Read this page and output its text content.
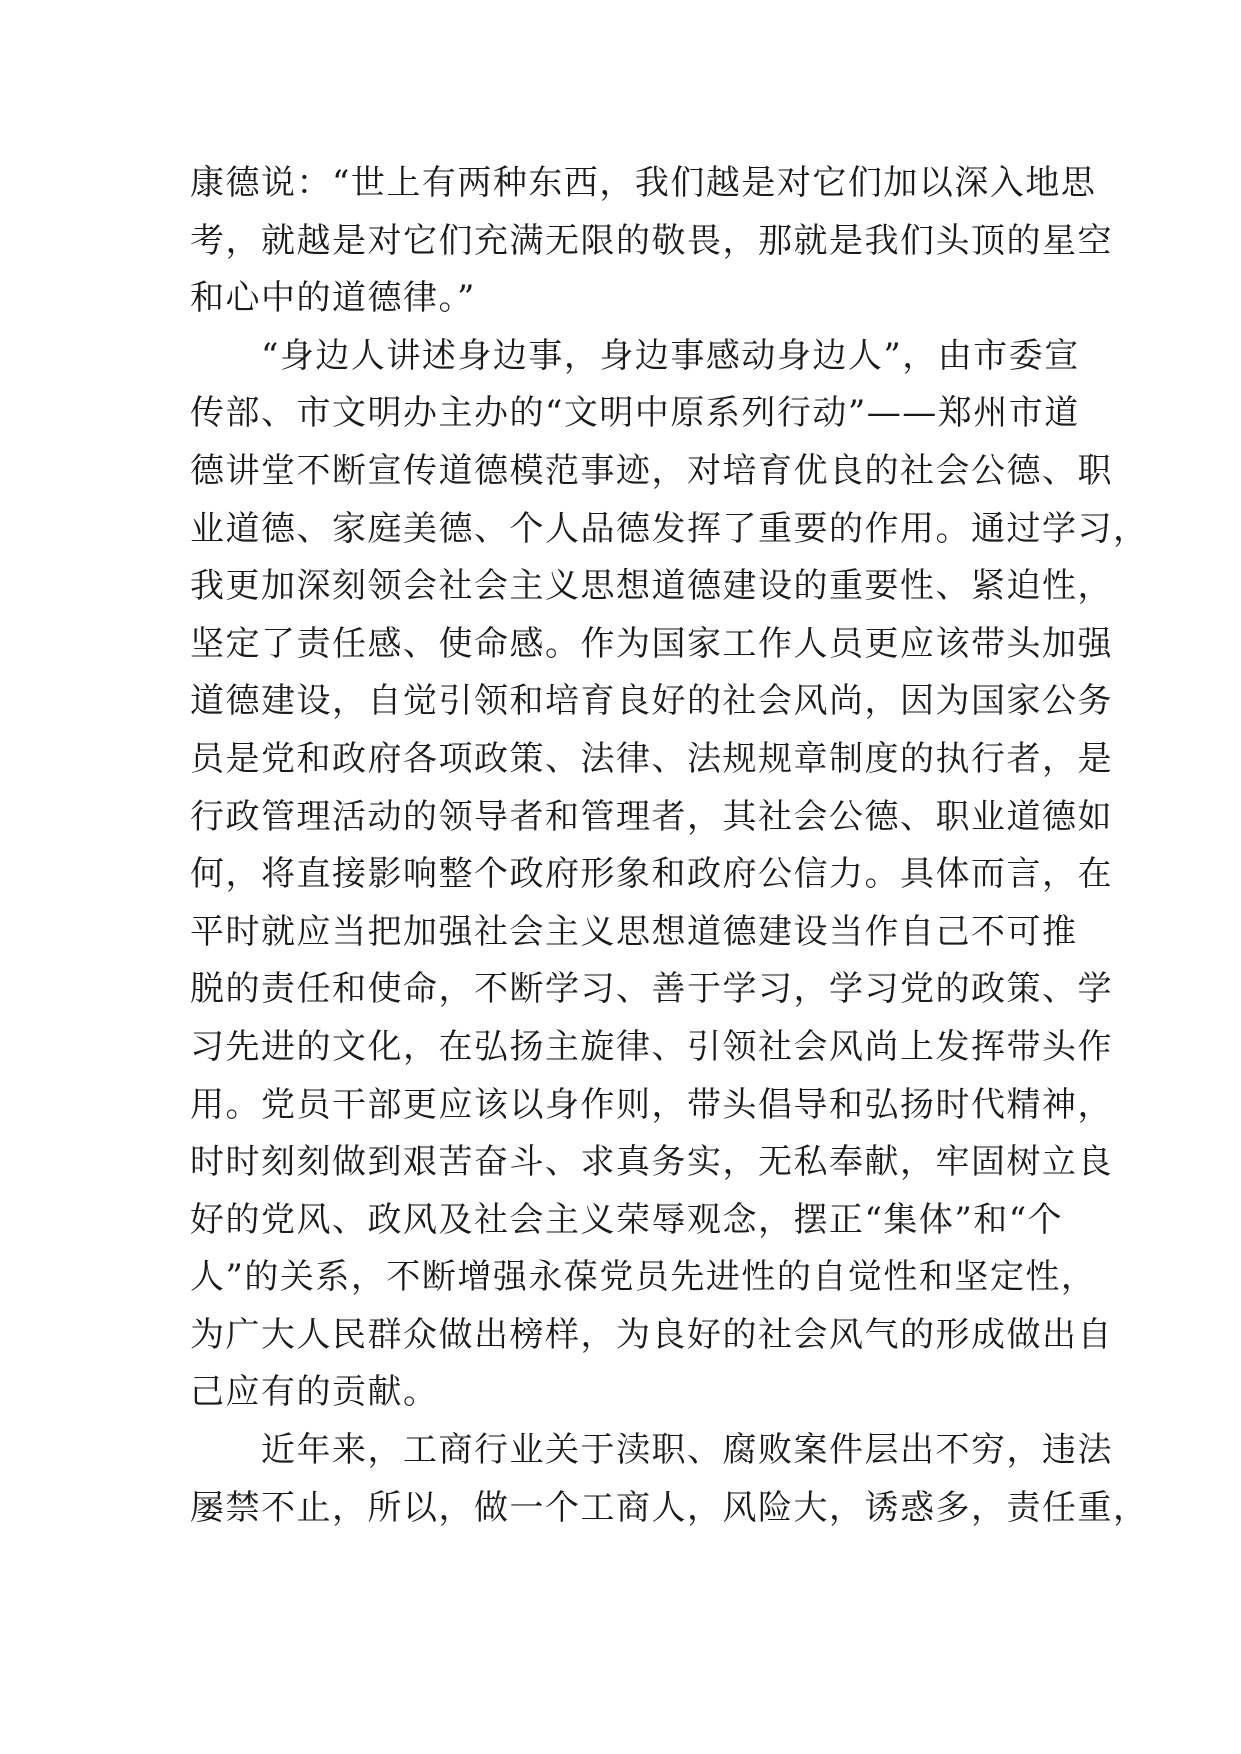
康德说：“世上有两种东西，我们越是对它们加以深入地思
考，就越是对它们充满无限的敬畏，那就是我们头顶的星空
和心中的道德律。”
　　“身边人讲述身边事，身边事感动身边人”，由市委宣
传部、市文明办主办的“文明中原系列行动”——郑州市道
德讲堂不断宣传道德模范事迹，对培育优良的社会公德、职
业道德、家庭美德、个人品德发挥了重要的作用。通过学习，
我更加深刻领会社会主义思想道德建设的重要性、紧迫性，
坚定了责任感、使命感。作为国家工作人员更应该带头加强
道德建设，自觉引领和培育良好的社会风尚，因为国家公务
员是党和政府各项政策、法律、法规规章制度的执行者，是
行政管理活动的领导者和管理者，其社会公德、职业道德如
何，将直接影响整个政府形象和政府公信力。具体而言，在
平时就应当把加强社会主义思想道德建设当作自己不可推
脱的责任和使命，不断学习、善于学习，学习党的政策、学
习先进的文化，在弘扬主旋律、引领社会风尚上发挥带头作
用。党员干部更应该以身作则，带头倡导和弘扬时代精神，
时时刻刻做到艰苦奋斗、求真务实，无私奉献，牢固树立良
好的党风、政风及社会主义荣辱观念，摆正“集体”和“个
人”的关系，不断增强永葆党员先进性的自觉性和坚定性，
为广大人民群众做出榜样，为良好的社会风气的形成做出自
己应有的贡献。
　　近年来，工商行业关于渎职、腐败案件层出不穷，违法
屡禁不止，所以，做一个工商人，风险大，诱惑多，责任重，
